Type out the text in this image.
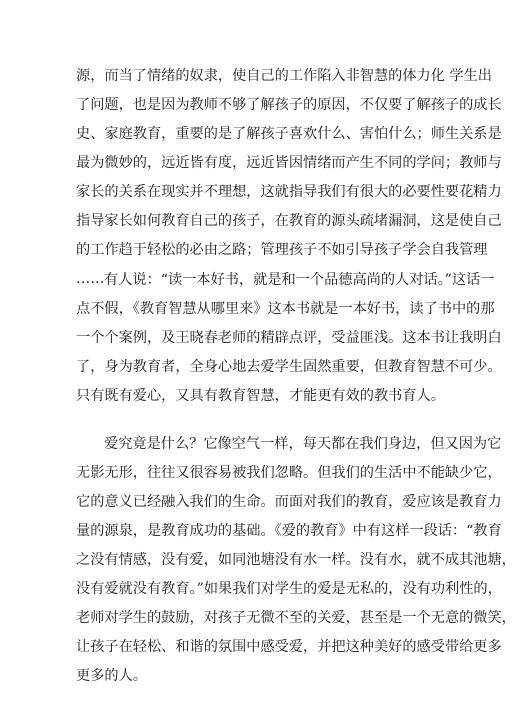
源，而当了情绪的奴隶，使自己的工作陷入非智慧的体力化 学生出
了问题，也是因为教师不够了解孩子的原因，不仅要了解孩子的成长
史、家庭教育，重要的是了解孩子喜欢什么、害怕什么；师生关系是
最为微妙的，远近皆有度，远近皆因情绪而产生不同的学问；教师与
家长的关系在现实并不理想，这就指导我们有很大的必要性要花精力
指导家长如何教育自己的孩子，在教育的源头疏堵漏洞，这是使自己
的工作趋于轻松的必由之路；管理孩子不如引导孩子学会自我管理
…… 有人说：“读一本好书，就是和一个品德高尚的人对话。”这话一
点不假，《教育智慧从哪里来》这本书就是一本好书，读了书中的那
一个个案例，及王晓春老师的精辟点评，受益匪浅。这本书让我明白
了，身为教育者，全身心地去爱学生固然重要，但教育智慧不可少。
只有既有爱心，又具有教育智慧，才能更有效的教书育人。
爱究竟是什么？它像空气一样，每天都在我们身边，但又因为它
无影无形，往往又很容易被我们忽略。但我们的生活中不能缺少它，
它的意义已经融入我们的生命。而面对我们的教育，爱应该是教育力
量的源泉，是教育成功的基础。《爱的教育》中有这样一段话：“教育
之没有情感，没有爱，如同池塘没有水一样。没有水，就不成其池塘，
没有爱就没有教育。”如果我们对学生的爱是无私的，没有功利性的，
老师对学生的鼓励，对孩子无微不至的关爱，甚至是一个无意的微笑，
让孩子在轻松、和谐的氛围中感受爱，并把这种美好的感受带给更多
更多的人。
